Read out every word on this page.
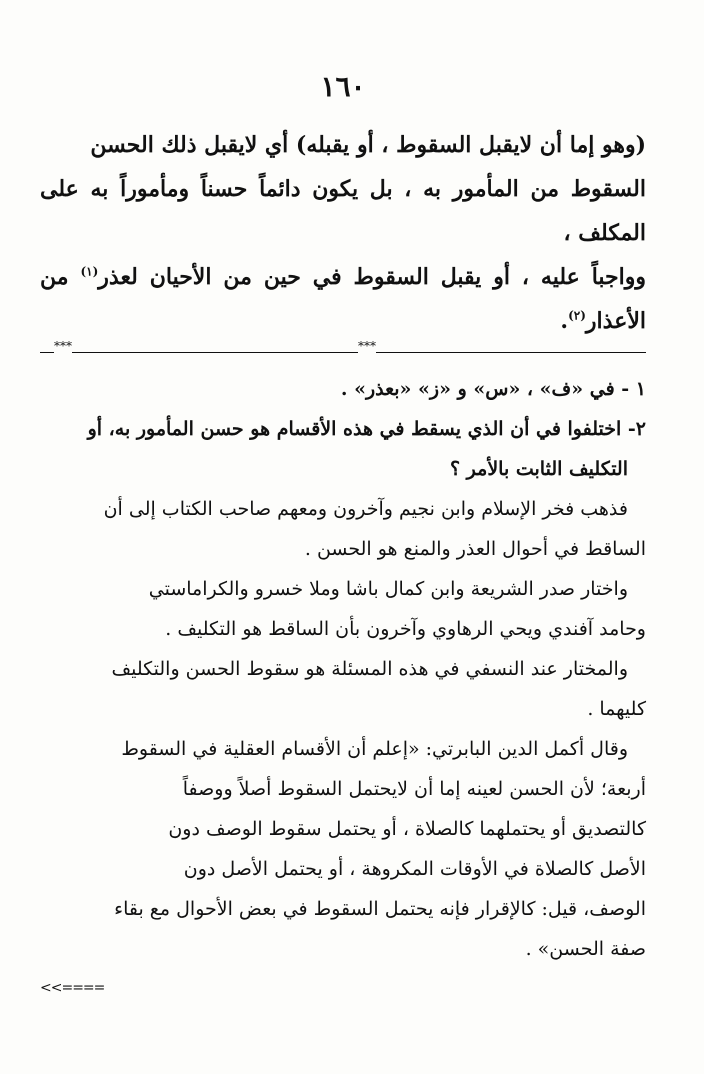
١٦٠

(وهو إما أن لايقبل السقوط ، أو يقبله) أي لايقبل ذلك الحسن

السقوط من المأمور به ، بل يكون دائماً حسناً ومأموراً به على المكلف ،

وواجباً عليه ، أو يقبل السقوط في حين من الأحيان لعذر$^{(١)}$ من الأعذار$^{(٢)}$.

***
***

١ - في «ف» ، «س» و «ز» «بعذر» .

٢- اختلفوا في أن الذي يسقط في هذه الأقسام هو حسن المأمور به، أو

التكليف الثابت بالأمر ؟

فذهب فخر الإسلام وابن نجيم وآخرون ومعهم صاحب الكتاب إلى أن

الساقط في أحوال العذر والمنع هو الحسن .

واختار صدر الشريعة وابن كمال باشا وملا خسرو والكراماستي

وحامد آفندي ويحي الرهاوي وآخرون بأن الساقط هو التكليف .

والمختار عند النسفي في هذه المسئلة هو سقوط الحسن والتكليف

كليهما .

وقال أكمل الدين البابرتي: «إعلم أن الأقسام العقلية في السقوط

أربعة؛ لأن الحسن لعينه إما أن لايحتمل السقوط أصلاً ووصفاً

كالتصديق أو يحتملهما كالصلاة ، أو يحتمل سقوط الوصف دون

الأصل كالصلاة في الأوقات المكروهة ، أو يحتمل الأصل دون

الوصف، قيل: كالإقرار فإنه يحتمل السقوط في بعض الأحوال مع بقاء

صفة الحسن» .

<<====
